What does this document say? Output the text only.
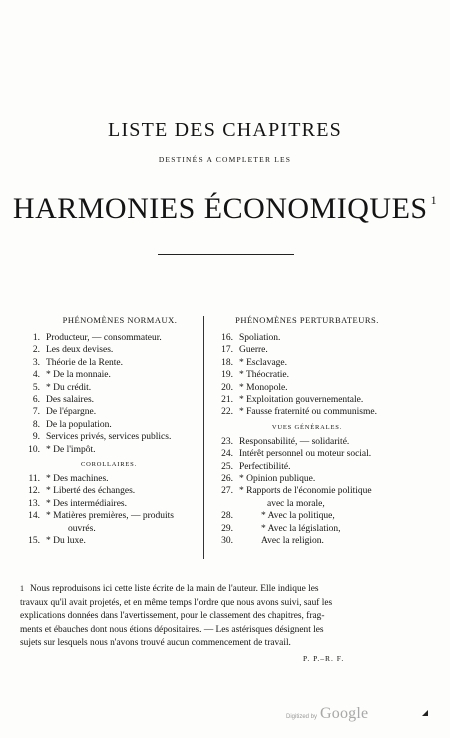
LISTE DES CHAPITRES
DESTINÉS A COMPLETER LES
HARMONIES ÉCONOMIQUES $^1$
PHÉNOMÈNES NORMAUX.
1. Producteur, — consommateur.
2. Les deux devises.
3. Théorie de la Rente.
4. * De la monnaie.
5. * Du crédit.
6. Des salaires.
7. De l'épargne.
8. De la population.
9. Services privés, services publics.
10. * De l'impôt.
COROLLAIRES.
11. * Des machines.
12. * Liberté des échanges.
13. * Des intermédiaires.
14. * Matières premières, — produits
ouvrés.
15. * Du luxe.
PHÉNOMÈNES PERTURBATEURS.
16. Spoliation.
17. Guerre.
18. * Esclavage.
19. * Théocratie.
20. * Monopole.
21. * Exploitation gouvernementale.
22. * Fausse fraternité ou communisme.
VUES GÉNÉRALES.
23. Responsabilité, — solidarité.
24. Intérêt personnel ou moteur social.
25. Perfectibilité.
26. * Opinion publique.
27. * Rapports de l'économie politique
avec la morale,
28.	* Avec la politique,
29.	* Avec la législation,
30.	Avec la religion.
1 Nous reproduisons ici cette liste écrite de la main de l'auteur. Elle indique les
travaux qu'il avait projetés, et en même temps l'ordre que nous avons suivi, sauf les
explications données dans l'avertissement, pour le classement des chapitres, frag-
ments et ébauches dont nous étions dépositaires. — Les astérisques désignent les
sujets sur lesquels nous n'avons trouvé aucun commencement de travail.
P. P.–R. F.
Digitized by Google
